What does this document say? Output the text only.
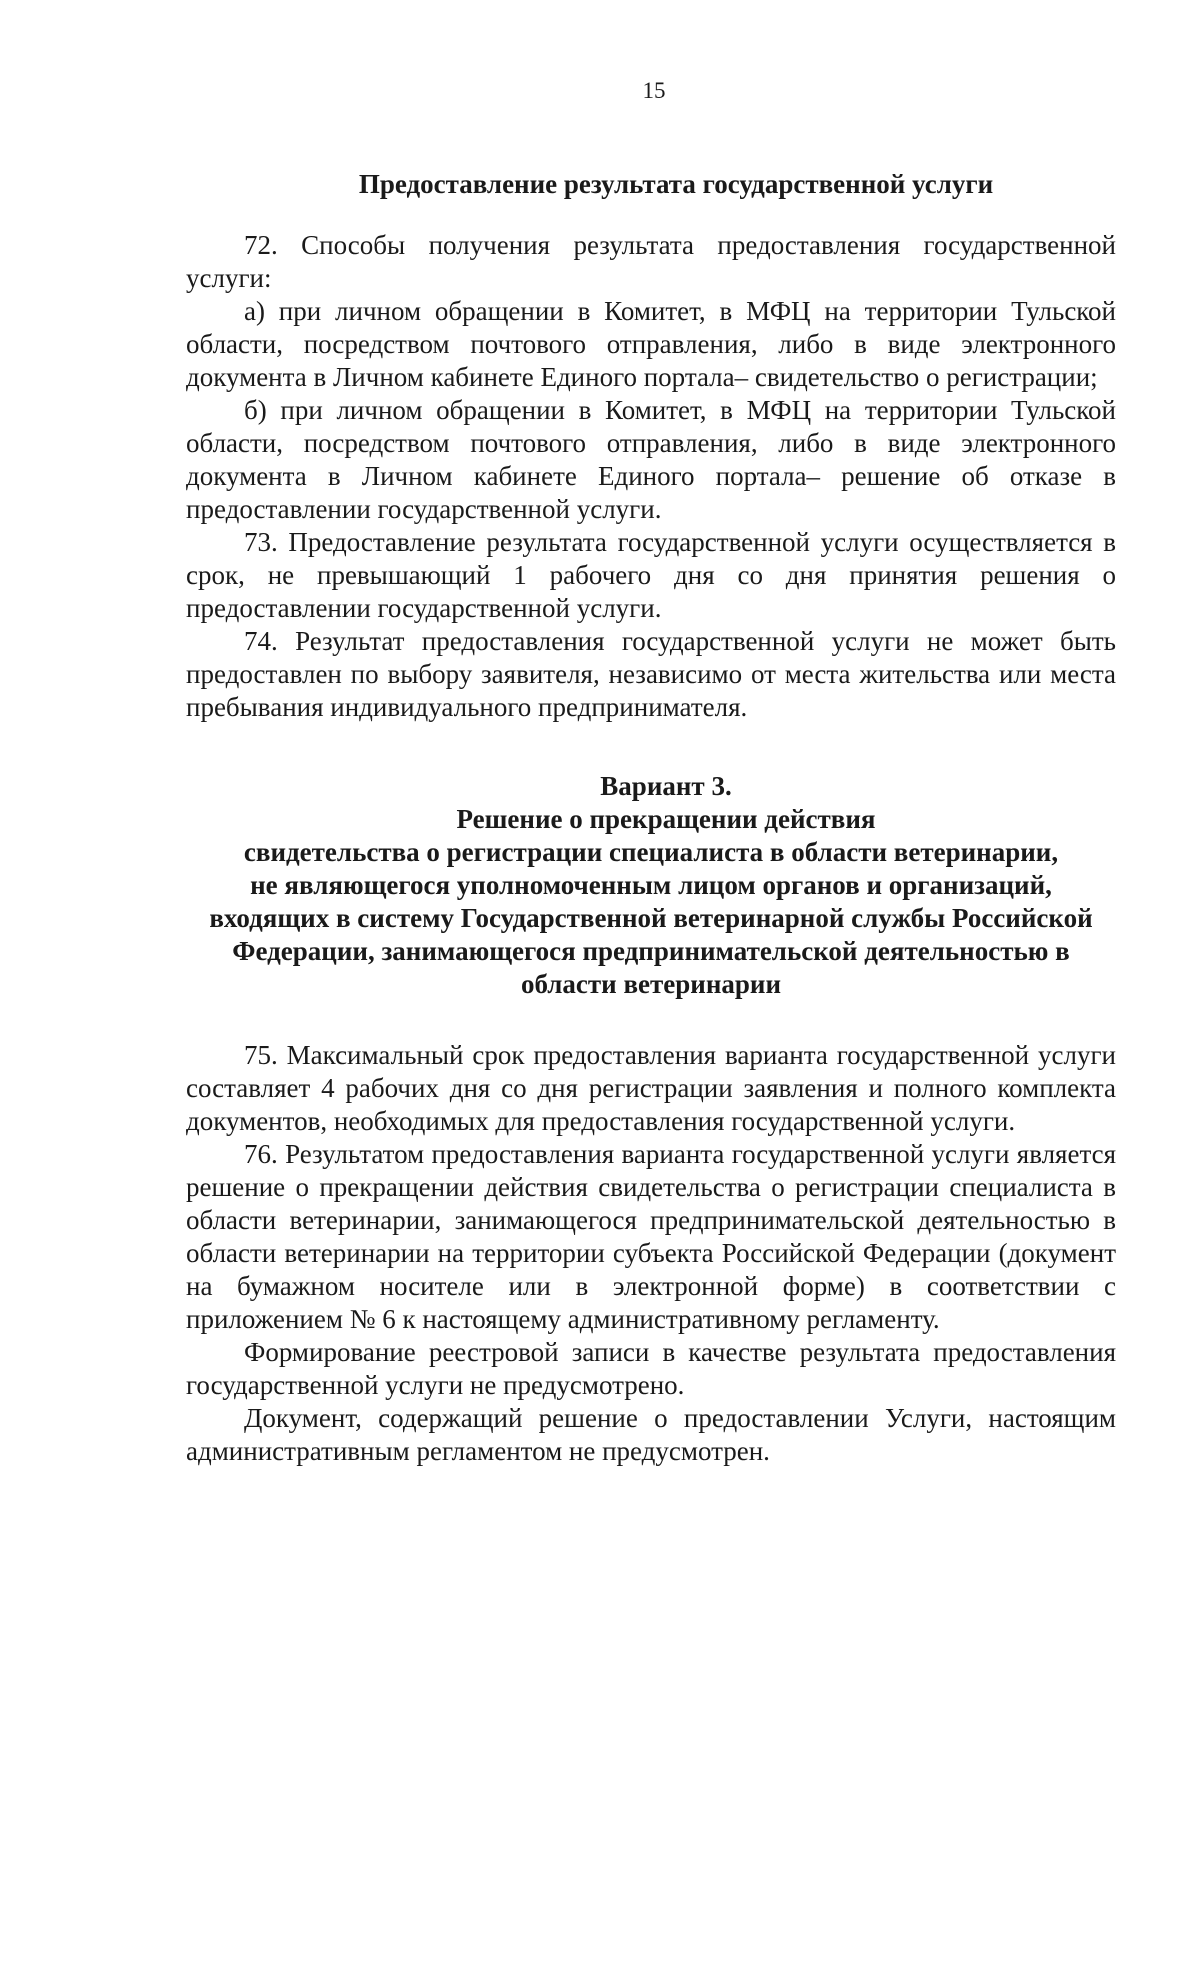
15
Предоставление результата государственной услуги

72. Способы получения результата предоставления государственной услуги:

а) при личном обращении в Комитет, в МФЦ на территории Тульской области, посредством почтового отправления, либо в виде электронного документа в Личном кабинете Единого портала– свидетельство о регистрации;

б) при личном обращении в Комитет, в МФЦ на территории Тульской области, посредством почтового отправления, либо в виде электронного документа в Личном кабинете Единого портала– решение об отказе в предоставлении государственной услуги.

73. Предоставление результата государственной услуги осуществляется в срок, не превышающий 1 рабочего дня со дня принятия решения о предоставлении государственной услуги.

74. Результат предоставления государственной услуги не может быть предоставлен по выбору заявителя, независимо от места жительства или места пребывания индивидуального предпринимателя.

Вариант 3.
Решение о прекращении действия
свидетельства о регистрации специалиста в области ветеринарии,
не являющегося уполномоченным лицом органов и организаций,
входящих в систему Государственной ветеринарной службы Российской
Федерации, занимающегося предпринимательской деятельностью в
области ветеринарии

75. Максимальный срок предоставления варианта государственной услуги составляет 4 рабочих дня со дня регистрации заявления и полного комплекта документов, необходимых для предоставления государственной услуги.

76. Результатом предоставления варианта государственной услуги является решение о прекращении действия свидетельства о регистрации специалиста в области ветеринарии, занимающегося предпринимательской деятельностью в области ветеринарии на территории субъекта Российской Федерации (документ на бумажном носителе или в электронной форме) в соответствии с приложением № 6 к настоящему административному регламенту.

Формирование реестровой записи в качестве результата предоставления государственной услуги не предусмотрено.

Документ, содержащий решение о предоставлении Услуги, настоящим административным регламентом не предусмотрен.
